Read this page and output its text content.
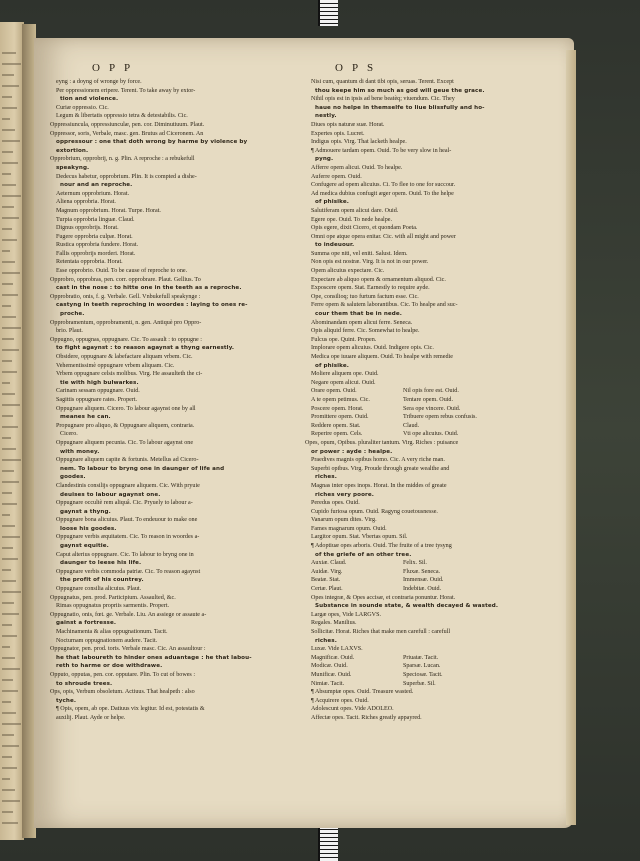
OPP	OPS
eyng : a doyng of wronge by force.
Per oppressionem eripere. Terent. To take away by extor-
tion and violence.
Curiæ oppressio. Cic.
Legum & libertatis oppressio tetra & detestabilis. Cic.
Oppressiuncula, oppressiunculæ, pen. cor. Diminutiuum. Plaut.
Oppressor, soris, Verbale, masc. gen. Brutus ad Ciceronem. An
oppressour : one that doth wrong by harme by violence by
extortion.
Opprobrium, opprobrij, n. g. Plin. A reproche : a rebukefull
speakyng.
Dedecus habetur, opprobrium. Plin. It is compted a dishe-
nour and an reproche.
Aeternum opprobrium. Horat.
Aliena opprobria. Horat.
Magnum opprobrium. Horat. Turpe. Horat.
Turpia opprobria linguæ. Claud.
Dignus opprobrijs. Horat.
Fugere opprobria culpæ. Horat.
Rustica opprobria fundere. Horat.
Fallis opprobrijs morderi. Horat.
Retentata opprobria. Horat.
Esse opprobrio. Ouid. To be cause of reproche to one.
Opprobro, opprobras, pen. corr. opprobrare. Plaut. Gellius. To
cast in the nose : to hitte one in the teeth as a reproche.
Opprobratio, onis, f. g. Verbale. Gell. Vnbukefull speakynge :
castyng in teeth reproching in woordes : laying to ones re-
proche.
Opprobramentum, opprobramenti, n. gen. Antiquè pro Oppro-
brio. Plaut.
Oppugno, oppugnas, oppugnare. Cic. To assault : to oppugne :
to fight agaynst : to reason agaynst a thyng earnestly.
Obsidere, oppugnare & labefactare aliquam vrbem. Cic.
Vehementissimè oppugnare vrbem aliquam. Cic.
Vrbem oppugnare celsis molibus. Virg. He assaulteth the ci-
tie with high bulwarkes.
Carinam sessam oppugnare. Ouid.
Sagittis oppugnare rates. Propert.
Oppugnare aliquem. Cicero. To labour agaynst one by all
meanes he can.
Propugnare pro aliquo, & Oppugnare aliquem, contraria.
Cicero.
Oppugnare aliquem pecunia. Cic. To labour agaynst one
with money.
Oppugnare aliquem capite & fortunis. Metellus ad Cicero-
nem. To labour to bryng one in daunger of life and
goodes.
Clandestinis consilijs oppugnare aliquem. Cic. With pryuie
deuises to labour agaynst one.
Oppugnare occultè rem aliquâ. Cic. Pryuely to labour a-
gaynst a thyng.
Oppugnare bona alicuius. Plaut. To endeuour to make one
loose his goodes.
Oppugnare verbis æquitatem. Cic. To reason in woordes a-
gaynst equitie.
Caput alterius oppugnare. Cic. To labour to bryng one in
daunger to leese his life.
Oppugnare verbis commoda patriæ. Cic. To reason agaynst
the profit of his countrey.
Oppugnare consilia alicuius. Plaut.
Oppugnatus, pen. prod. Participium. Assaulted, &c.
Rimas oppugnatus propriis sarmentis. Propert.
Oppugnatio, onis, fœt. ge. Verbale. Liu. An assiege or assaute a-
gainst a fortresse.
Machinamenta & alias oppugnationum. Tacit.
Nocturnam oppugnationem audere. Tacit.
Oppugnator, pen. prod. toris. Verbale masc. Cic. An assaultour :
he that laboureth to hinder ones aduantage : he that labou-
reth to harme or doe withdrawe.
Opputo, opputas, pen. cor. opputare. Plin. To cut of bowes :
to shroude trees.
Ops, opis, Verbum obsoletum. Actiuus. That healpeth : also
tyche.
¶ Opis, opem, ab ope. Datiuus vix legitur. Id est, potestatis &
auxilij. Plaut. Ayde or helpe.
Nisi cum, quantum di dant tibi opis, seruas. Terent. Except
thou keepe him so much as god will geue the grace.
Nihil opis est in ipsis ad bene beatèq; viuendum. Cic. They
haue no helpe in themselfe to liue blissfully and ho-
nestly.
Diues opis naturæ suæ. Horat.
Expertes opis. Lucret.
Indigus opis. Virg. That lacketh healpe.
¶ Admouere tardam opem. Ouid. To be very slow in heal-
pyng.
Afferre opem alicui. Ouid. To healpe.
Auferre opem. Ouid.
Confugere ad opem alicuius. Ci. To flee to one for succour.
Ad medica dubius confugit æger opem. Ouid. To the helpe
of phisike.
Salutiferam opem alicui dare. Ouid.
Egere ope. Ouid. To nede healpe.
Opis egere, dixit Cicero, et quondam Poeta.
Omni ope atque opera enitar. Cic. with all might and power
to indeuour.
Summa ope niti, vel eniti. Salust. Idem.
Non opis est nostræ. Virg. It is not in our power.
Opem alicuius expectare. Cic.
Expectare ab aliquo opem & ornamentum aliquod. Cic.
Exposcere opem. Stat. Earnestly to require ayde.
Ope, consilioq; tuo furtum factum esse. Cic.
Ferre opem & salutem laborantibus. Cic. To healpe and suc-
cour them that be in nede.
Abominandam opem alicui ferre. Seneca.
Opis aliquid ferre. Cic. Somewhat to healpe.
Fulcus ope. Quint. Propen.
Implorare opem alicuius. Ouid. Indigere opis. Cic.
Medica ope iuuare aliquem. Ouid. To healpe with remedie
of phisike.
Moliere aliquem ope. Ouid.
Negare opem alicui. Ouid.
Orare opem. Ouid.	Nil opis fore est. Ouid.
A te opem petimus. Cic.	Tentare opem. Ouid.
Poscere opem. Horat.	Sera ope vincere. Ouid.
Promittere opem. Ouid.	Tribuere opem rebus confusis.
Reddere opem. Stat.	Claud.
Reperire opem. Cels.	Vti ope alicuius. Ouid.
Opes, opum, Opibus. pluraliter tantum. Virg. Riches : puisance
or power : ayde : healpe.
Praedives magnis opibus homo. Cic. A very riche man.
Superbi opibus. Virg. Proude through greate wealthe and
riches.
Magnas inter opes inops. Horat. In the middes of greate
riches very poore.
Peredus opes. Ouid.
Cupido furiosa opum. Ouid. Ragyng couetousnesse.
Vanarum opum dites. Virg.
Fames magnarum opum. Ouid.
Largitor opum. Stat. Vbertas opum. Sil.
¶ Adoptiuæ opes arboris. Ouid. The fruite of a tree tysyng
of the griefe of an other tree.
Auxiæ. Claud.	Felix. Sil.
Auidæ. Virg.	Fluxæ. Seneca.
Beatæ. Stat.	Immensæ. Ouid.
Certæ. Plaut.	Indebitæ. Ouid.
Opes integræ, & Opes accisæ, et contraria ponuntur. Horat.
Substance in sounde state, & wealth decayed & wasted.
Largæ opes, Vide LARGVS.
Regales. Manilius.
Sollicitæ. Horat. Riches that make men carefull : carefull
riches.
Luxæ. Vide LAXVS.
Magnificæ. Ouid.	Priuatæ. Tacit.
Modicæ. Ouid.	Sparsæ. Lucan.
Munificæ. Ouid.	Speciosæ. Tacit.
Nimiæ. Tacit.	Superbæ. Sil.
¶ Absumptæ opes. Ouid. Treasure wasted.
¶ Acquirere opes. Ouid.
Adolescunt opes. Vide ADOLEO.
Affectæ opes. Tacit. Riches greatly appayred.
